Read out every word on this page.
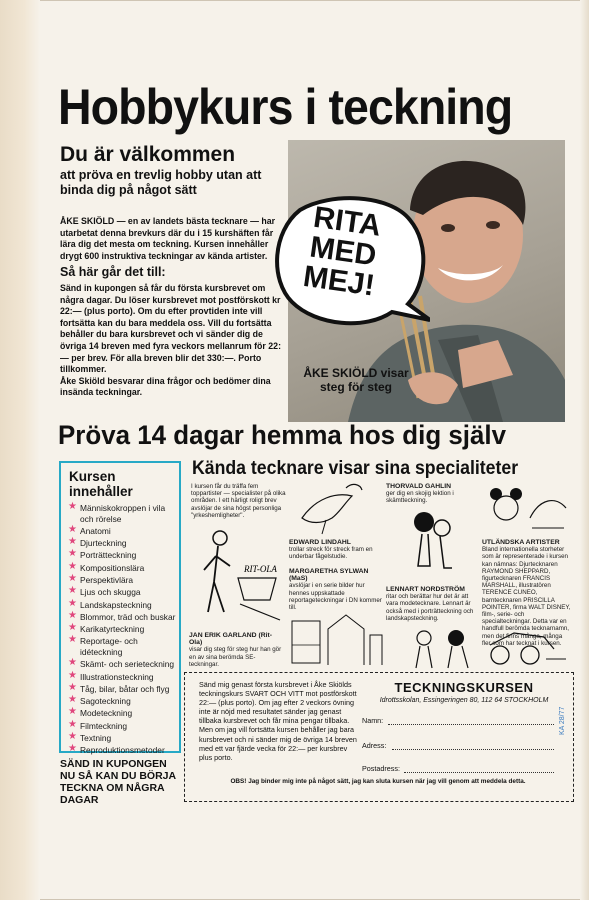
Hobbykurs i teckning
Du är välkommen
att pröva en trevlig hobby utan att binda dig på något sätt
ÅKE SKIÖLD — en av landets bästa tecknare — har utarbetat denna brevkurs där du i 15 kurshäften får lära dig det mesta om teckning. Kursen innehåller drygt 600 instruktiva teckningar av kända artister.
Så här går det till:
Sänd in kupongen så får du första kursbrevet om några dagar. Du löser kursbrevet mot postförskott kr 22:— (plus porto). Om du efter provtiden inte vill fortsätta kan du bara meddela oss. Vill du fortsätta behåller du bara kursbrevet och vi sänder dig de övriga 14 breven med fyra veckors mellanrum för 22:— per brev. För alla breven blir det 330:—. Porto tillkommer.
Åke Skiöld besvarar dina frågor och bedömer dina insända teckningar.
RITA MED MEJ!
ÅKE SKIÖLD visar steg för steg
Pröva 14 dagar hemma hos dig själv
Kursen innehåller
★ Människokroppen i vila och rörelse
★ Anatomi
★ Djurteckning
★ Porträtteckning
★ Kompositionslära
★ Perspektivlära
★ Ljus och skugga
★ Landskapsteckning
★ Blommor, träd och buskar
★ Karikatyrteckning
★ Reportage- och idéteckning
★ Skämt- och serieteckning
★ Illustrationsteckning
★ Tåg, bilar, båtar och flyg
★ Sagoteckning
★ Modeteckning
★ Filmteckning
★ Textning
★ Reproduktionsmetoder
SÄND IN KUPONGEN NU SÅ KAN DU BÖRJA TECKNA OM NÅGRA DAGAR
Kända tecknare visar sina specialiteter
I kursen får du träffa fem toppartister — specialister på olika områden. I ett härligt roligt brev avslöjar de sina högst personliga "yrkeshemligheter".
JAN ERIK GARLAND (Rit-Ola)
visar dig steg för steg hur han gör en av sina berömda SE-teckningar.
EDWARD LINDAHL
trollar streck för streck fram en underbar fågelstudie.
MARGARETHA SYLWAN (MaS)
avslöjar i en serie bilder hur hennes uppskattade reportageteckningar i DN kommer till.
THORVALD GAHLIN
ger dig en skojig lektion i skämtteckning.
LENNART NORDSTRÖM
ritar och berättar hur det är att vara modetecknare. Lennart är också med i porträtteckning och landskapsteckning.
UTLÄNDSKA ARTISTER
Bland internationella storheter som är representerade i kursen kan nämnas: Djurtecknaren RAYMOND SHEPPARD, figurtecknaren FRANCIS MARSHALL, illustratören TERENCE CUNEO, barntecknaren PRISCILLA POINTER, firma WALT DISNEY, film-, serie- och specialteckningar. Detta var en handfull berömda tecknarnamn, men det finns många, många fler som har tecknat i kursen.
RIT-OLA
Sänd mig genast första kursbrevet i Åke Skiölds teckningskurs SVART OCH VITT mot postförskott 22:— (plus porto). Om jag efter 2 veckors övning inte är nöjd med resultatet sänder jag genast tillbaka kursbrevet och får mina pengar tillbaka. Men om jag vill fortsätta kursen behåller jag bara kursbrevet och ni sänder mig de övriga 14 breven med ett var fjärde vecka för 22:— per kursbrev plus porto.
TECKNINGSKURSEN
Idrottsskolan, Essingeringen 80, 112 64 STOCKHOLM
Namn:
Adress:
Postadress:
KA 28/77
OBS! Jag binder mig inte på något sätt, jag kan sluta kursen när jag vill genom att meddela detta.
